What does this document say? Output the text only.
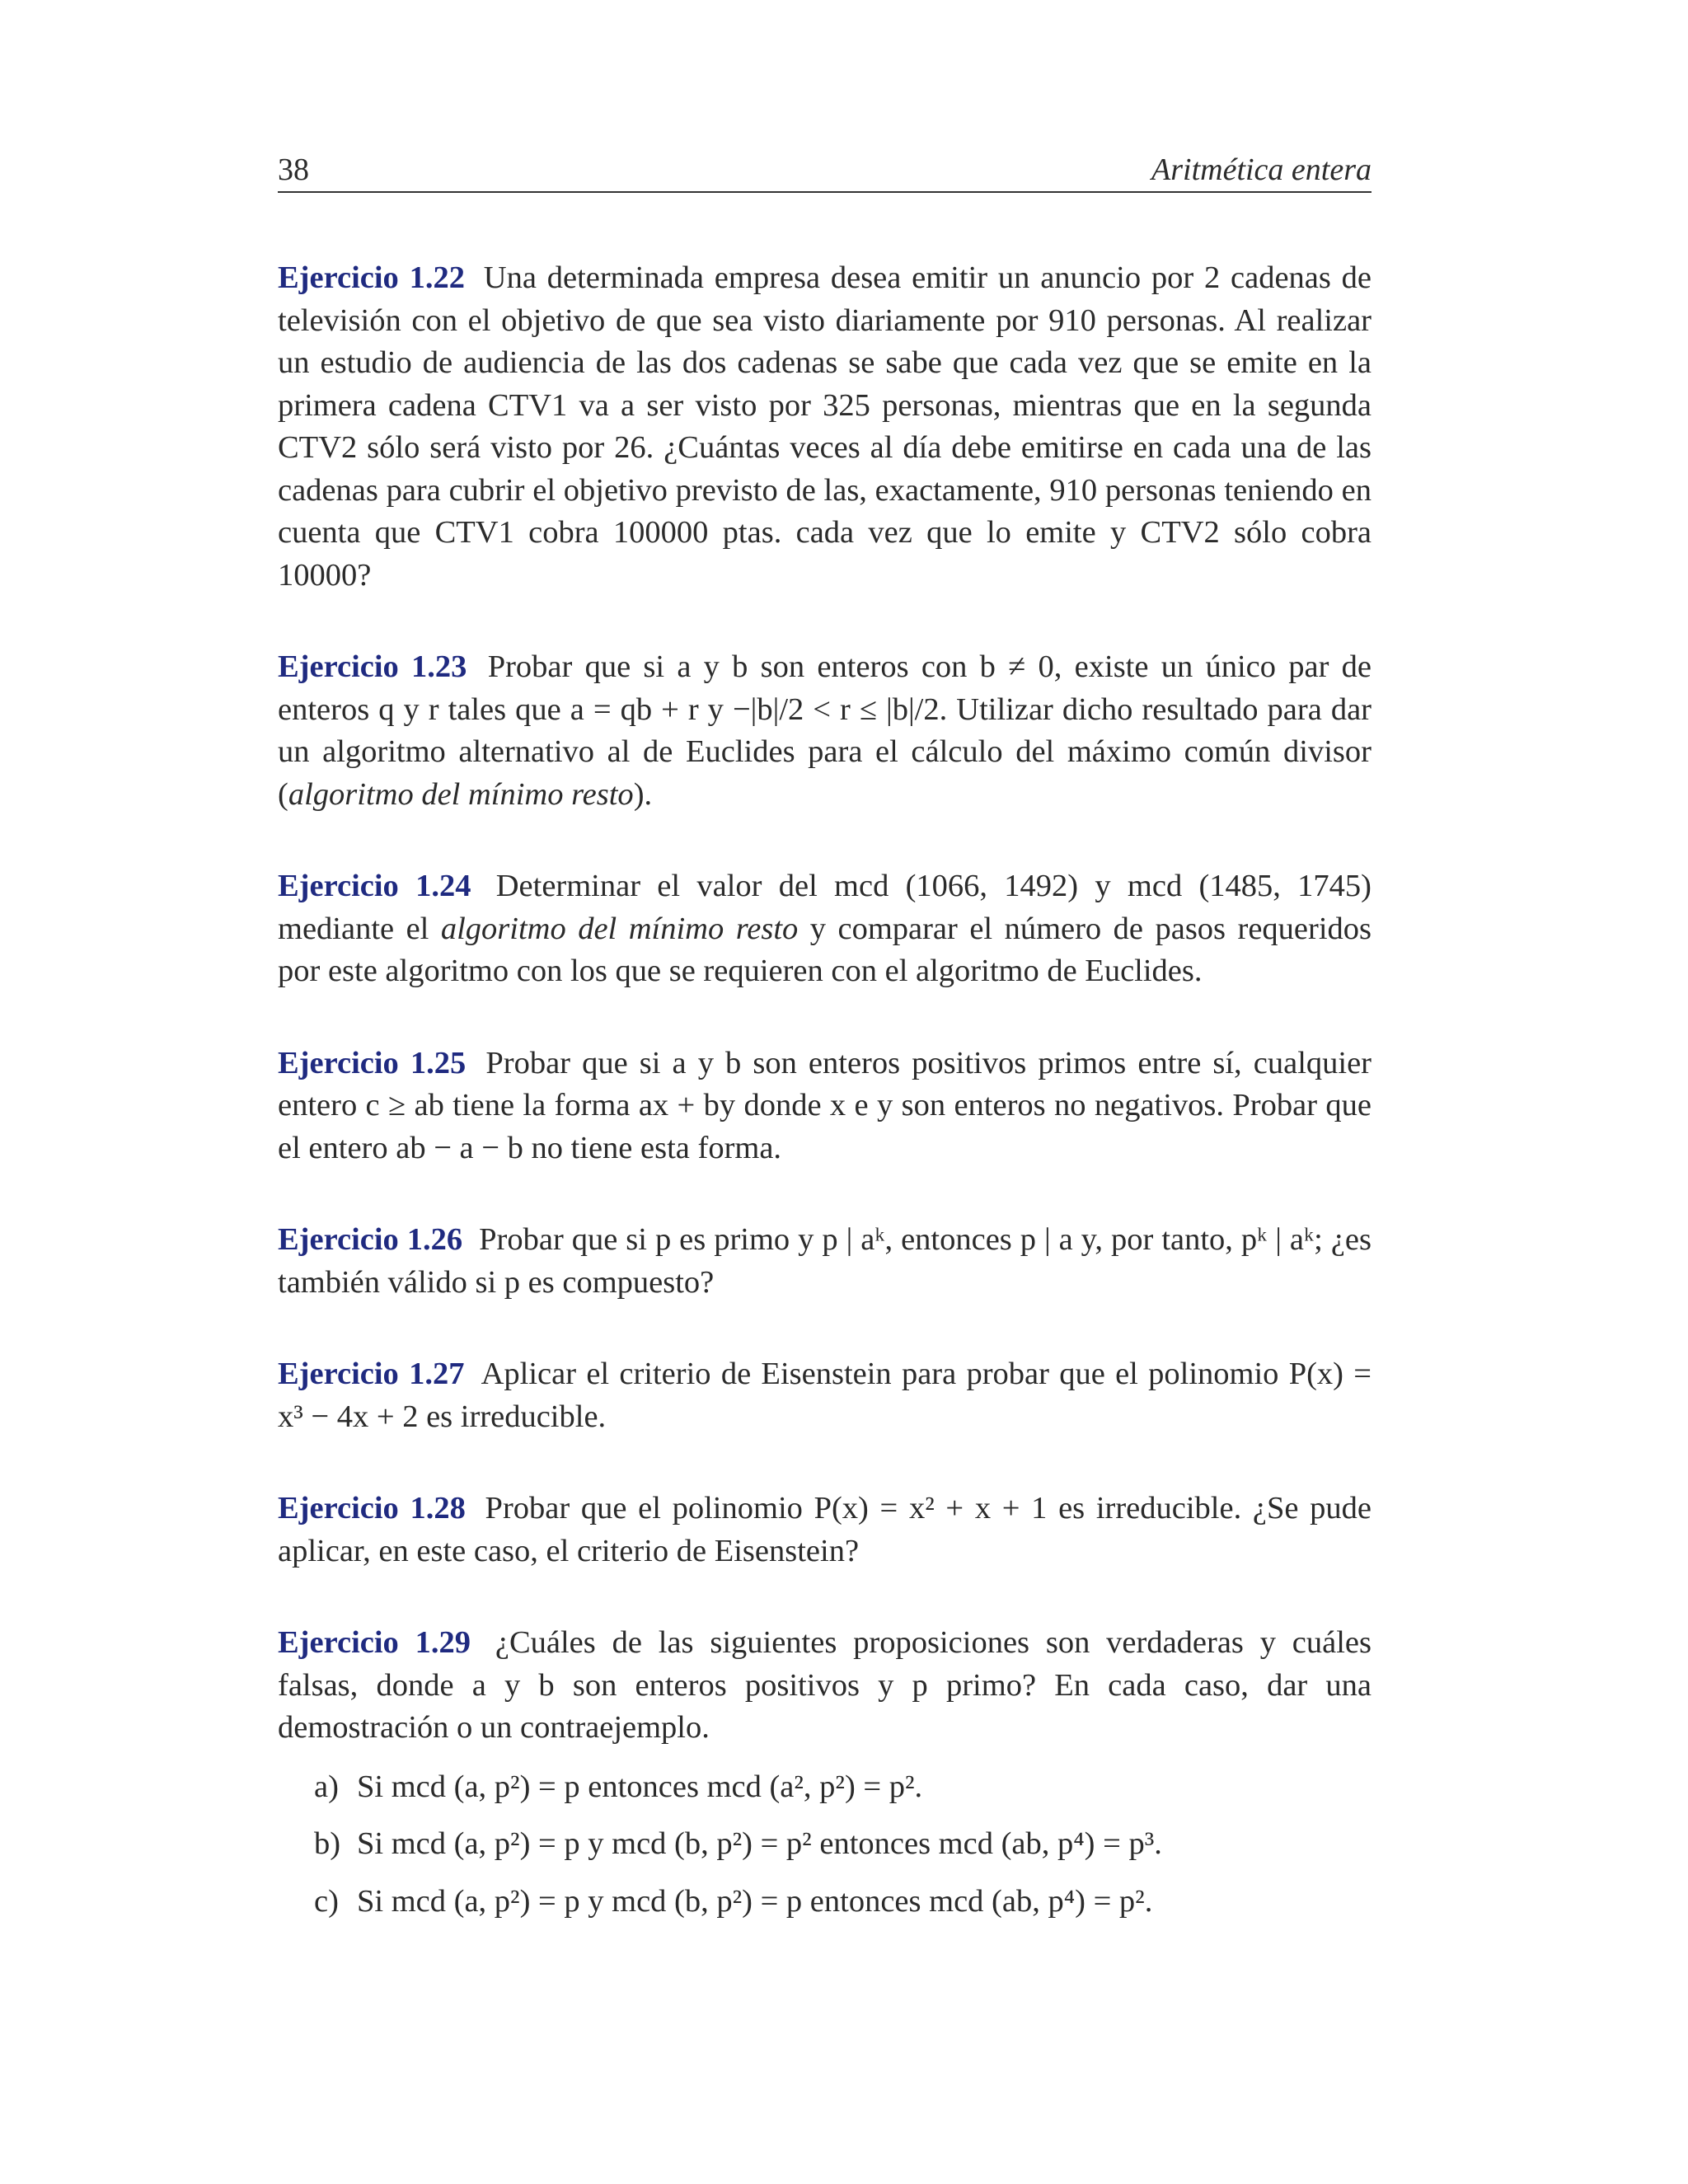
38	Aritmética entera

Ejercicio 1.22 Una determinada empresa desea emitir un anuncio por 2 cadenas de televisión con el objetivo de que sea visto diariamente por 910 personas. Al realizar un estudio de audiencia de las dos cadenas se sabe que cada vez que se emite en la primera cadena CTV1 va a ser visto por 325 personas, mientras que en la segunda CTV2 sólo será visto por 26. ¿Cuántas veces al día debe emitirse en cada una de las cadenas para cubrir el objetivo previsto de las, exactamente, 910 personas teniendo en cuenta que CTV1 cobra 100000 ptas. cada vez que lo emite y CTV2 sólo cobra 10000?

Ejercicio 1.23 Probar que si a y b son enteros con b ≠ 0, existe un único par de enteros q y r tales que a = qb + r y −|b|/2 < r ≤ |b|/2. Utilizar dicho resultado para dar un algoritmo alternativo al de Euclides para el cálculo del máximo común divisor (algoritmo del mínimo resto).

Ejercicio 1.24 Determinar el valor del mcd (1066, 1492) y mcd (1485, 1745) mediante el algoritmo del mínimo resto y comparar el número de pasos requeridos por este algoritmo con los que se requieren con el algoritmo de Euclides.

Ejercicio 1.25 Probar que si a y b son enteros positivos primos entre sí, cualquier entero c ≥ ab tiene la forma ax + by donde x e y son enteros no negativos. Probar que el entero ab − a − b no tiene esta forma.

Ejercicio 1.26 Probar que si p es primo y p | aᵏ, entonces p | a y, por tanto, pᵏ | aᵏ; ¿es también válido si p es compuesto?

Ejercicio 1.27 Aplicar el criterio de Eisenstein para probar que el polinomio P(x) = x³ − 4x + 2 es irreducible.

Ejercicio 1.28 Probar que el polinomio P(x) = x² + x + 1 es irreducible. ¿Se pude aplicar, en este caso, el criterio de Eisenstein?

Ejercicio 1.29 ¿Cuáles de las siguientes proposiciones son verdaderas y cuáles falsas, donde a y b son enteros positivos y p primo? En cada caso, dar una demostración o un contraejemplo.

a) Si mcd (a, p²) = p entonces mcd (a², p²) = p².
b) Si mcd (a, p²) = p y mcd (b, p²) = p² entonces mcd (ab, p⁴) = p³.
c) Si mcd (a, p²) = p y mcd (b, p²) = p entonces mcd (ab, p⁴) = p².
